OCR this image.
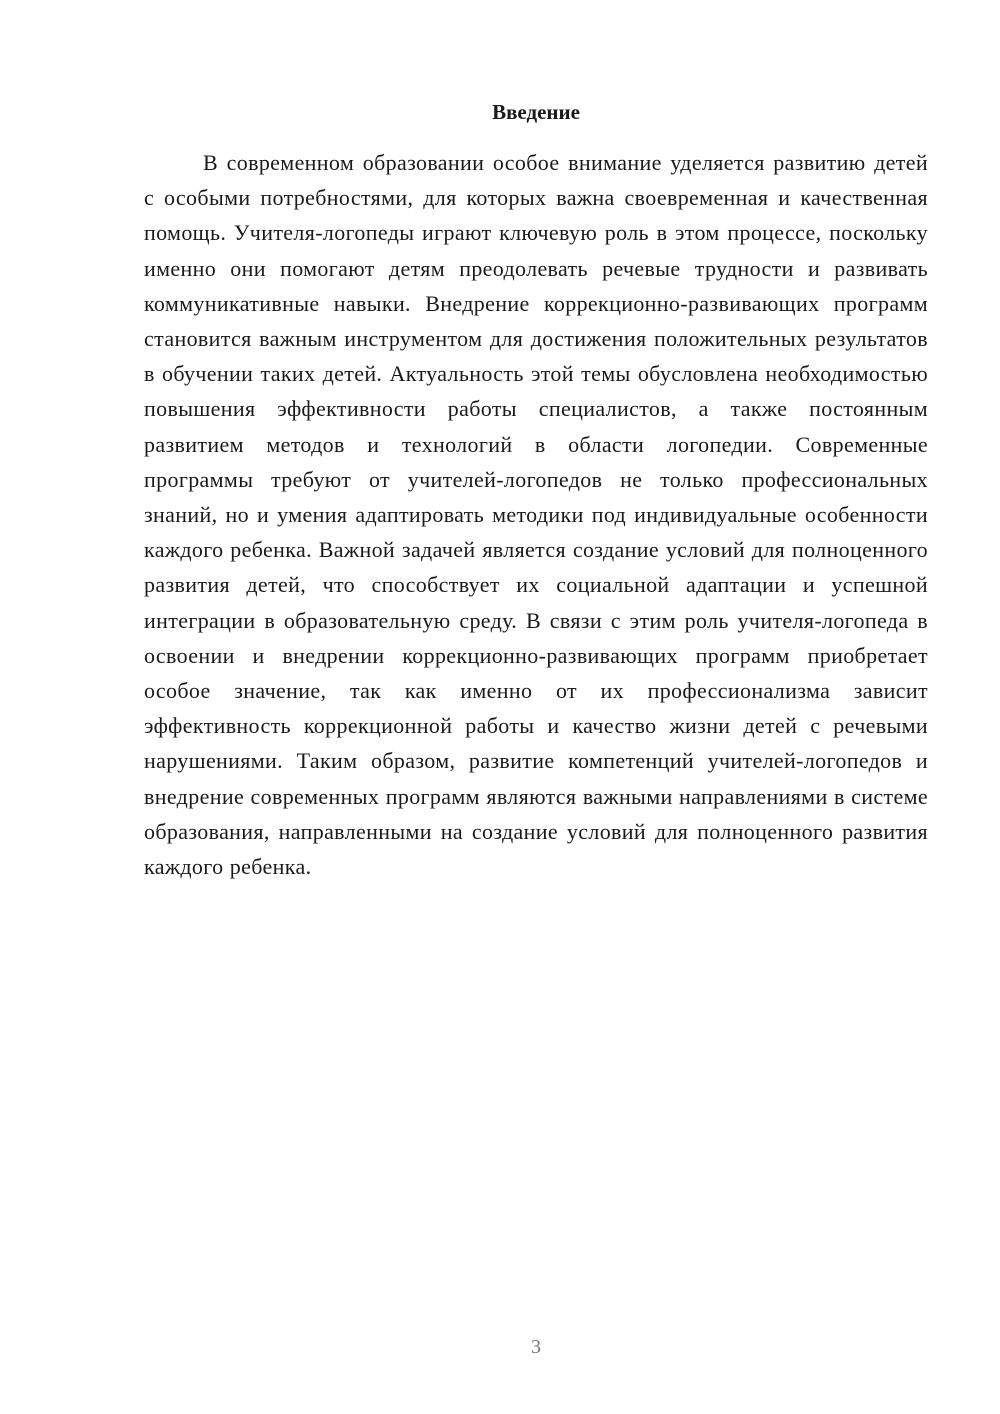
Введение

В современном образовании особое внимание уделяется развитию детей с особыми потребностями, для которых важна своевременная и качественная помощь. Учителя-логопеды играют ключевую роль в этом процессе, поскольку именно они помогают детям преодолевать речевые трудности и развивать коммуникативные навыки. Внедрение коррекционно-развивающих программ становится важным инструментом для достижения положительных результатов в обучении таких детей. Актуальность этой темы обусловлена необходимостью повышения эффективности работы специалистов, а также постоянным развитием методов и технологий в области логопедии. Современные программы требуют от учителей-логопедов не только профессиональных знаний, но и умения адаптировать методики под индивидуальные особенности каждого ребенка. Важной задачей является создание условий для полноценного развития детей, что способствует их социальной адаптации и успешной интеграции в образовательную среду. В связи с этим роль учителя-логопеда в освоении и внедрении коррекционно-развивающих программ приобретает особое значение, так как именно от их профессионализма зависит эффективность коррекционной работы и качество жизни детей с речевыми нарушениями. Таким образом, развитие компетенций учителей-логопедов и внедрение современных программ являются важными направлениями в системе образования, направленными на создание условий для полноценного развития каждого ребенка.

3
